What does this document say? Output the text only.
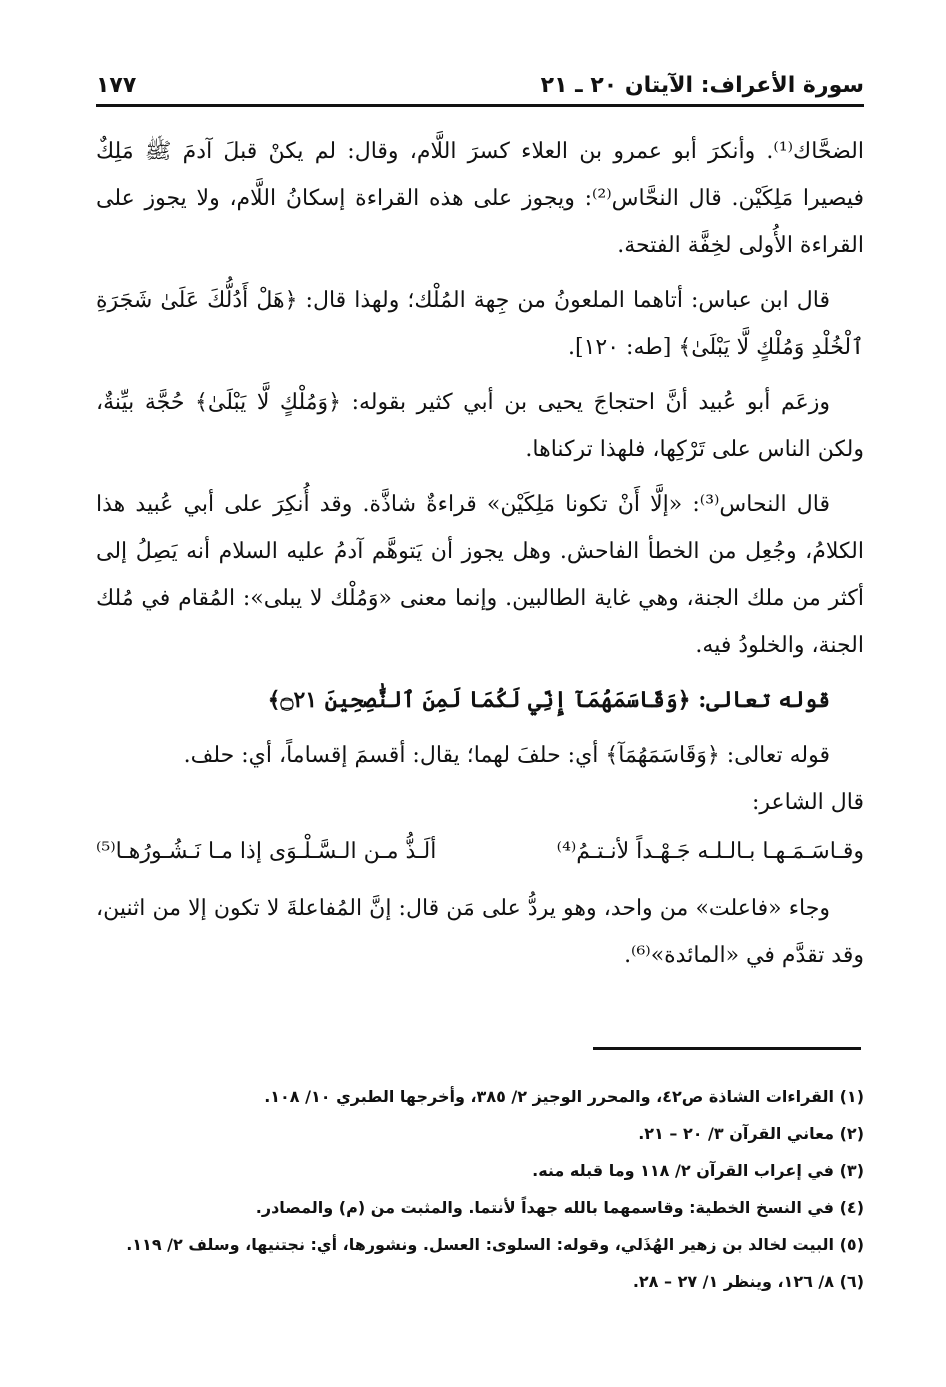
سورة الأعراف: الآيتان ٢٠ ـ ٢١
١٧٧

الضحَّاك⁽¹⁾. وأنكرَ أبو عمرو بن العلاء كسرَ اللَّام، وقال: لم يكنْ قبلَ آدمَ ﷺ مَلِكٌ فيصيرا مَلِكَيْن. قال النحَّاس⁽²⁾: ويجوز على هذه القراءة إسكانُ اللَّام، ولا يجوز على القراءة الأُولى لخِفَّة الفتحة.

قال ابن عباس: أتاهما الملعونُ من جِهة المُلْك؛ ولهذا قال: ﴿هَلْ أَدُلُّكَ عَلَىٰ شَجَرَةِ ٱلْخُلْدِ وَمُلْكٍ لَّا يَبْلَىٰ﴾ [طه: ١٢٠].

وزعَم أبو عُبيد أنَّ احتجاجَ يحيى بن أبي كثير بقوله: ﴿وَمُلْكٍ لَّا يَبْلَىٰ﴾ حُجَّة بيِّنةٌ، ولكن الناس على تَرْكِها، فلهذا تركناها.

قال النحاس⁽³⁾: «إلَّا أَنْ تكونا مَلِكَيْن» قراءةٌ شاذَّة. وقد أُنكِرَ على أبي عُبيد هذا الكلامُ، وجُعِل من الخطأ الفاحش. وهل يجوز أن يَتوهَّم آدمُ عليه السلام أنه يَصِلُ إلى أكثر من ملك الجنة، وهي غاية الطالبين. وإنما معنى «وَمُلْك لا يبلى»: المُقام في مُلك الجنة، والخلودُ فيه.

قوله تعالى: ﴿وَقَاسَمَهُمَآ إِنِّي لَكُمَا لَمِنَ ٱلنَّٰصِحِينَ ۝٢١﴾

قوله تعالى: ﴿وَقَاسَمَهُمَآ﴾ أي: حلفَ لهما؛ يقال: أقسمَ إقساماً، أي: حلف.

قال الشاعر:

وقـاسَـمَـهـا بـالـلـه جَـهْـداً لأنـتـمُ⁽⁴⁾
ألَـذُّ مـن الـسَّـلْـوَى إذا مـا نَـشُـورُهـا⁽⁵⁾

وجاء «فاعلت» من واحد، وهو يردُّ على مَن قال: إنَّ المُفاعلةَ لا تكون إلا من اثنين، وقد تقدَّم في «المائدة»⁽⁶⁾.

(١) القراءات الشاذة ص٤٢، والمحرر الوجيز ٢/ ٣٨٥، وأخرجها الطبري ١٠/ ١٠٨.

(٢) معاني القرآن ٣/ ٢٠ – ٢١.

(٣) في إعراب القرآن ٢/ ١١٨ وما قبله منه.

(٤) في النسخ الخطية: وقاسمهما بالله جهداً لأنتما. والمثبت من (م) والمصادر.

(٥) البيت لخالد بن زهير الهُذَلي، وقوله: السلوى: العسل. ونشورها، أي: نجتنيها، وسلف ٢/ ١١٩.

(٦) ٨/ ١٢٦، وينظر ١/ ٢٧ – ٢٨.
